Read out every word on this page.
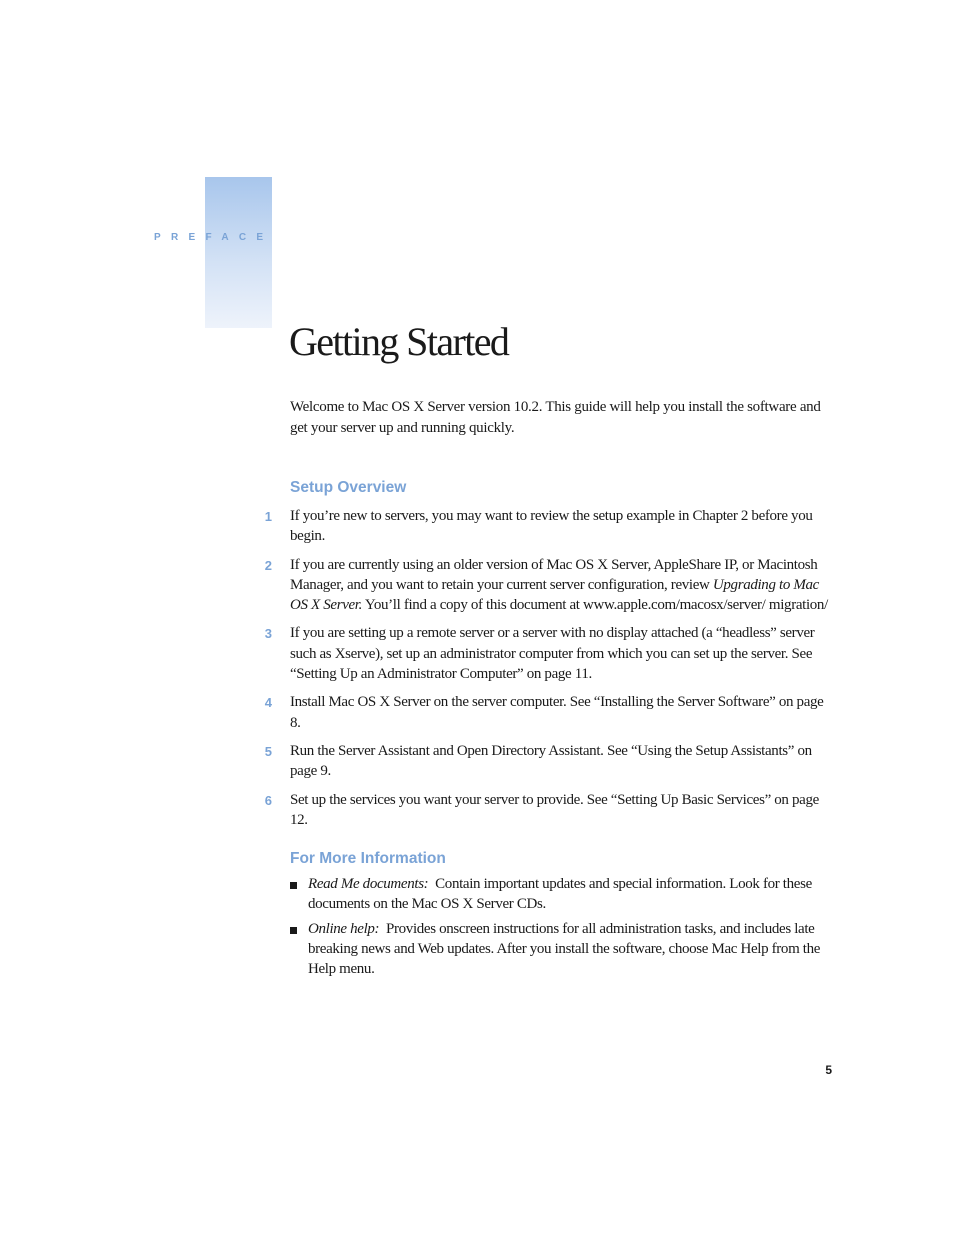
PREFACE
Getting Started

Welcome to Mac OS X Server version 10.2. This guide will help you install the software and get your server up and running quickly.

Setup Overview
1 If you’re new to servers, you may want to review the setup example in Chapter 2 before you begin.
2 If you are currently using an older version of Mac OS X Server, AppleShare IP, or Macintosh Manager, and you want to retain your current server configuration, review Upgrading to Mac OS X Server. You’ll find a copy of this document at www.apple.com/macosx/server/ migration/
3 If you are setting up a remote server or a server with no display attached (a “headless” server such as Xserve), set up an administrator computer from which you can set up the server. See “Setting Up an Administrator Computer” on page 11.
4 Install Mac OS X Server on the server computer. See “Installing the Server Software” on page 8.
5 Run the Server Assistant and Open Directory Assistant. See “Using the Setup Assistants” on page 9.
6 Set up the services you want your server to provide. See “Setting Up Basic Services” on page 12.
For More Information
Read Me documents: Contain important updates and special information. Look for these documents on the Mac OS X Server CDs.
Online help: Provides onscreen instructions for all administration tasks, and includes late breaking news and Web updates. After you install the software, choose Mac Help from the Help menu.
5
